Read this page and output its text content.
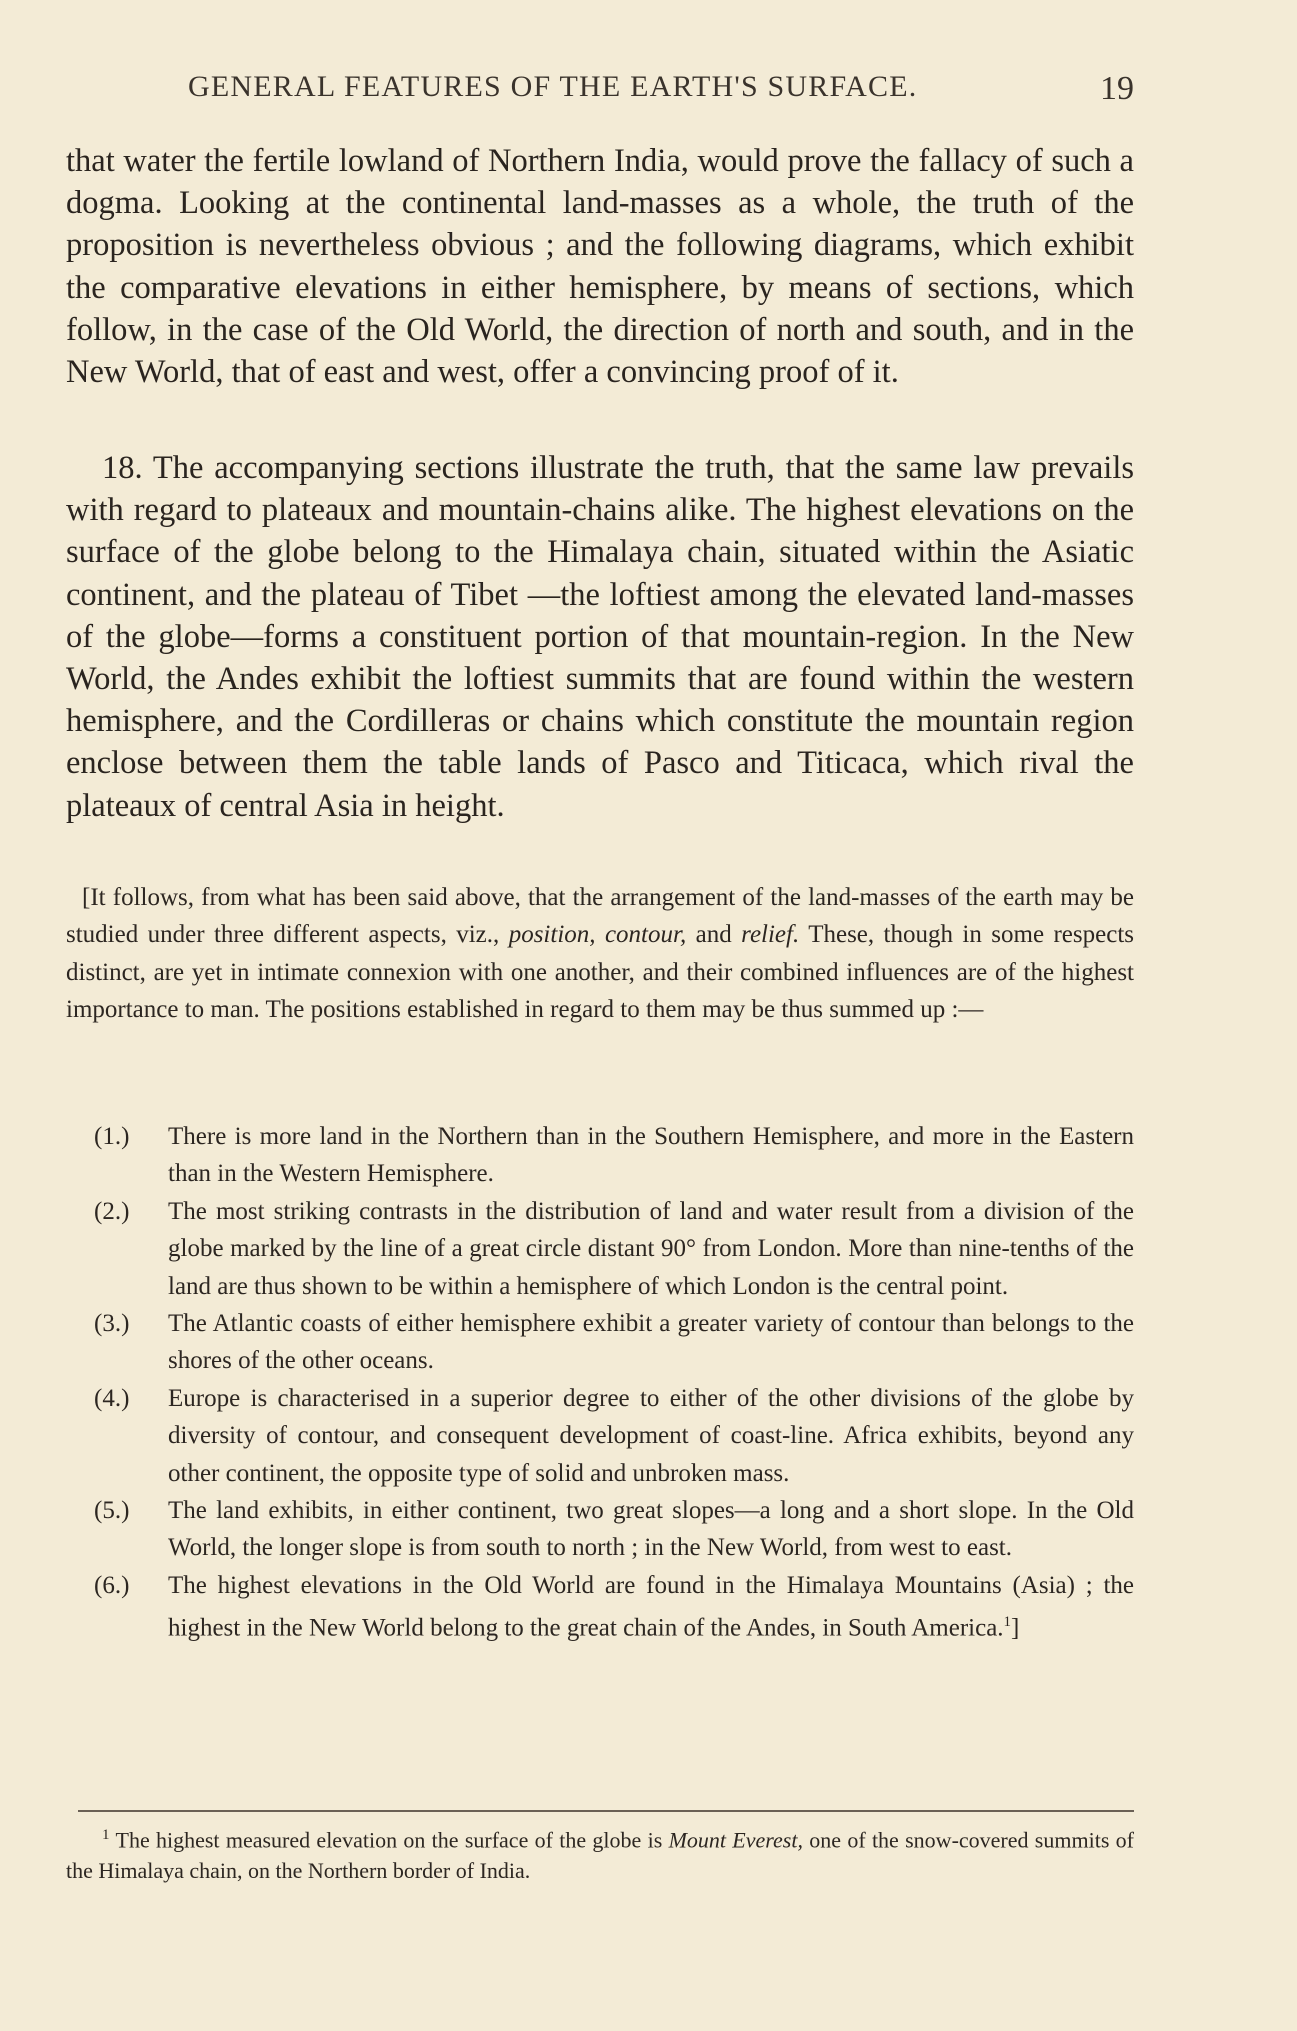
GENERAL FEATURES OF THE EARTH'S SURFACE.	19

that water the fertile lowland of Northern India, would prove the fallacy of such a dogma. Looking at the continental land-masses as a whole, the truth of the proposition is nevertheless obvious ; and the following diagrams, which exhibit the comparative elevations in either hemisphere, by means of sections, which follow, in the case of the Old World, the direction of north and south, and in the New World, that of east and west, offer a convincing proof of it.

18. The accompanying sections illustrate the truth, that the same law prevails with regard to plateaux and mountain-chains alike. The highest elevations on the surface of the globe belong to the Himalaya chain, situated within the Asiatic continent, and the plateau of Tibet —the loftiest among the elevated land-masses of the globe—forms a constituent portion of that mountain-region. In the New World, the Andes exhibit the loftiest summits that are found within the western hemisphere, and the Cordilleras or chains which constitute the mountain region enclose between them the table lands of Pasco and Titicaca, which rival the plateaux of central Asia in height.

[It follows, from what has been said above, that the arrangement of the land-masses of the earth may be studied under three different aspects, viz., position, contour, and relief. These, though in some respects distinct, are yet in intimate connexion with one another, and their combined influences are of the highest importance to man. The positions established in regard to them may be thus summed up :—

(1.)	There is more land in the Northern than in the Southern Hemisphere, and more in the Eastern than in the Western Hemisphere.
(2.)	The most striking contrasts in the distribution of land and water result from a division of the globe marked by the line of a great circle distant 90° from London. More than nine-tenths of the land are thus shown to be within a hemisphere of which London is the central point.
(3.)	The Atlantic coasts of either hemisphere exhibit a greater variety of contour than belongs to the shores of the other oceans.
(4.)	Europe is characterised in a superior degree to either of the other divisions of the globe by diversity of contour, and consequent development of coast-line. Africa exhibits, beyond any other continent, the opposite type of solid and unbroken mass.
(5.)	The land exhibits, in either continent, two great slopes—a long and a short slope. In the Old World, the longer slope is from south to north ; in the New World, from west to east.
(6.)	The highest elevations in the Old World are found in the Himalaya Mountains (Asia) ; the highest in the New World belong to the great chain of the Andes, in South America.$^1$]

$^1$ The highest measured elevation on the surface of the globe is Mount Everest, one of the snow-covered summits of the Himalaya chain, on the Northern border of India.
